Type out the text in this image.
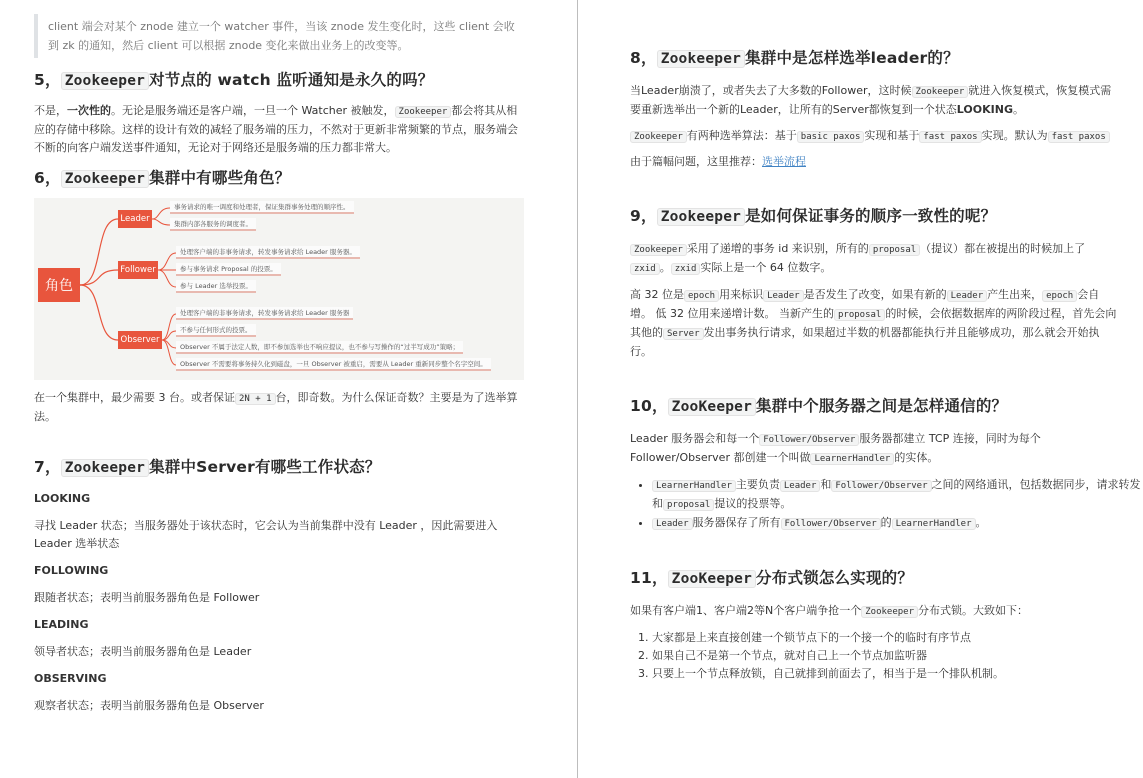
client 端会对某个 znode 建立一个 watcher 事件，当该 znode 发生变化时，这些 client 会收到 zk 的通知，然后 client 可以根据 znode 变化来做出业务上的改变等。
5， Zookeeper 对节点的 watch 监听通知是永久的吗？

不是，一次性的。无论是服务端还是客户端，一旦一个 Watcher 被触发， Zookeeper 都会将其从相应的存储中移除。这样的设计有效的减轻了服务端的压力，不然对于更新非常频繁的节点，服务端会不断的向客户端发送事件通知，无论对于网络还是服务端的压力都非常大。

6， Zookeeper 集群中有哪些角色？
角色
Leader
Follower
Observer
事务请求的唯一调度和处理者，保证集群事务处理的顺序性。
集群内部各服务的调度者。
处理客户端的非事务请求，转发事务请求给 Leader 服务器。
参与事务请求 Proposal 的投票。
参与 Leader 选举投票。
处理客户端的非事务请求，转发事务请求给 Leader 服务器
不参与任何形式的投票。
Observer 不属于法定人数，即不参加选举也不响应提议，也不参与写操作的“过半写成功”策略；
Observer 不需要将事务持久化到磁盘，一旦 Observer 被重启，需要从 Leader 重新同步整个名字空间。

在一个集群中，最少需要 3 台。或者保证 2N + 1 台，即奇数。为什么保证奇数？主要是为了选举算法。

7， Zookeeper 集群中Server有哪些工作状态？
LOOKING

寻找 Leader 状态；当服务器处于该状态时，它会认为当前集群中没有 Leader ，因此需要进入 Leader 选举状态

FOLLOWING

跟随者状态；表明当前服务器角色是 Follower

LEADING

领导者状态；表明当前服务器角色是 Leader

OBSERVING

观察者状态；表明当前服务器角色是 Observer

8， Zookeeper 集群中是怎样选举leader的？

当Leader崩溃了，或者失去了大多数的Follower，这时候 Zookeeper 就进入恢复模式，恢复模式需要重新选举出一个新的Leader，让所有的Server都恢复到一个状态LOOKING。

Zookeeper 有两种选举算法：基于 basic paxos 实现和基于 fast paxos 实现。默认为 fast paxos

由于篇幅问题，这里推荐：选举流程

9， Zookeeper 是如何保证事务的顺序一致性的呢？

Zookeeper 采用了递增的事务 id 来识别，所有的 proposal （提议）都在被提出的时候加上了zxid 。 zxid 实际上是一个 64 位数字。

高 32 位是 epoch 用来标识 Leader 是否发生了改变，如果有新的 Leader 产生出来， epoch 会自增。 低 32 位用来递增计数。 当新产生的 proposal 的时候，会依据数据库的两阶段过程，首先会向其他的 Server 发出事务执行请求，如果超过半数的机器都能执行并且能够成功，那么就会开始执行。

10， ZooKeeper 集群中个服务器之间是怎样通信的？

Leader 服务器会和每一个 Follower/Observer 服务器都建立 TCP 连接，同时为每个 Follower/Observer 都创建一个叫做 LearnerHandler 的实体。

• LearnerHandler 主要负责 Leader 和 Follower/Observer 之间的网络通讯，包括数据同步，请求转发和 proposal 提议的投票等。
• Leader 服务器保存了所有 Follower/Observer 的 LearnerHandler 。
11， ZooKeeper 分布式锁怎么实现的？

如果有客户端1、客户端2等N个客户端争抢一个 Zookeeper 分布式锁。大致如下：

1. 大家都是上来直接创建一个锁节点下的一个接一个的临时有序节点
2. 如果自己不是第一个节点，就对自己上一个节点加监听器
3. 只要上一个节点释放锁，自己就排到前面去了，相当于是一个排队机制。
